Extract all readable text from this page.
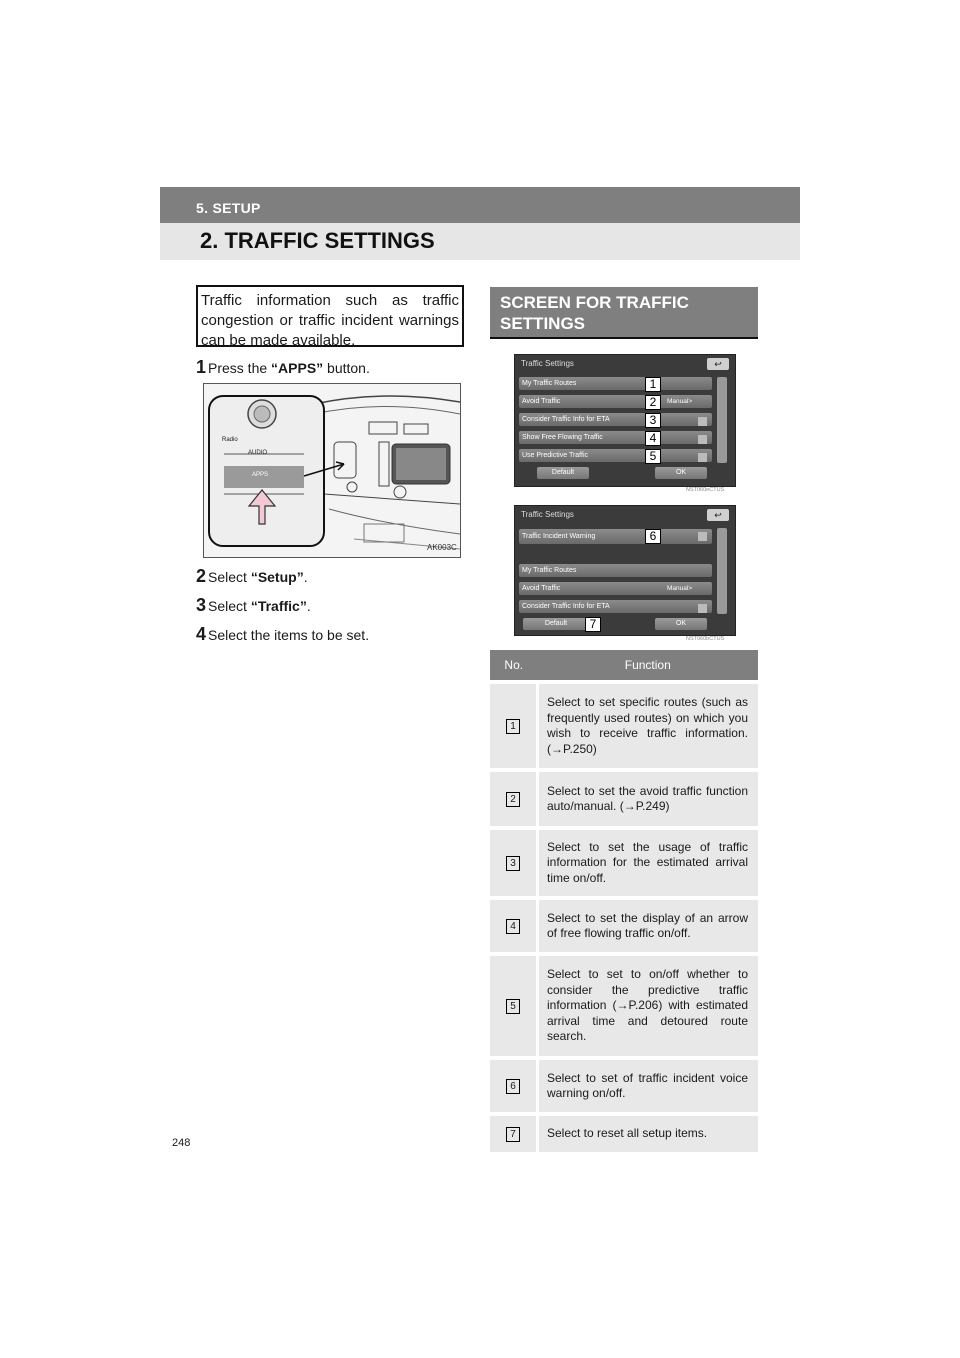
5. SETUP
2. TRAFFIC SETTINGS
Traffic information such as traffic congestion or traffic incident warnings can be made available.
1 Press the “APPS” button.
Radio
AUDIO
APPS
AK003C
2 Select “Setup”.
3 Select “Traffic”.
4 Select the items to be set.
SCREEN FOR TRAFFIC SETTINGS
Traffic Settings	↩
My Traffic Routes
Avoid Traffic	Manual>
Consider Traffic Info for ETA
Show Free Flowing Traffic
Use Predictive Traffic
Default	OK
1
2
3
4
5
NST060eCTUS
Traffic Settings	↩
Traffic Incident Warning
My Traffic Routes
Avoid Traffic	Manual>
Consider Traffic Info for ETA
Default	OK
6
7
NST060bCTUS
No.	Function
1	Select to set specific routes (such as frequently used routes) on which you wish to receive traffic information. (→P.250)
2	Select to set the avoid traffic function auto/manual. (→P.249)
3	Select to set the usage of traffic information for the estimated arrival time on/off.
4	Select to set the display of an arrow of free flowing traffic on/off.
5	Select to set to on/off whether to consider the predictive traffic information (→P.206) with estimated arrival time and detoured route search.
6	Select to set of traffic incident voice warning on/off.
7	Select to reset all setup items.
248
